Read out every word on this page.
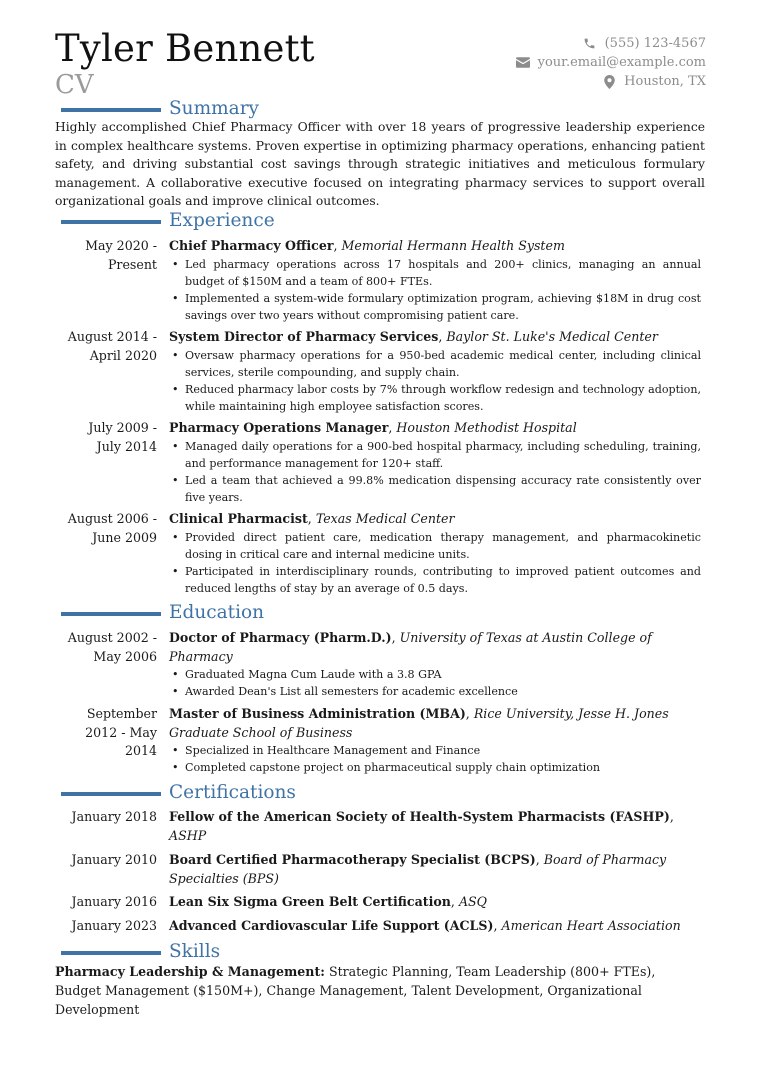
Tyler Bennett
CV
(555) 123-4567
your.email@example.com
Houston, TX
Summary
Highly accomplished Chief Pharmacy Officer with over 18 years of progressive leadership experience in complex healthcare systems. Proven expertise in optimizing pharmacy operations, enhancing patient safety, and driving substantial cost savings through strategic initiatives and meticulous formulary management. A collaborative executive focused on integrating pharmacy services to support overall organizational goals and improve clinical outcomes.
Experience
May 2020 -
Present
Chief Pharmacy Officer, Memorial Hermann Health System
• Led pharmacy operations across 17 hospitals and 200+ clinics, managing an annual budget of $150M and a team of 800+ FTEs.
• Implemented a system-wide formulary optimization program, achieving $18M in drug cost savings over two years without compromising patient care.
August 2014 -
April 2020
System Director of Pharmacy Services, Baylor St. Luke's Medical Center
• Oversaw pharmacy operations for a 950-bed academic medical center, including clinical services, sterile compounding, and supply chain.
• Reduced pharmacy labor costs by 7% through workflow redesign and technology adoption, while maintaining high employee satisfaction scores.
July 2009 -
July 2014
Pharmacy Operations Manager, Houston Methodist Hospital
• Managed daily operations for a 900-bed hospital pharmacy, including scheduling, training, and performance management for 120+ staff.
• Led a team that achieved a 99.8% medication dispensing accuracy rate consistently over five years.
August 2006 -
June 2009
Clinical Pharmacist, Texas Medical Center
• Provided direct patient care, medication therapy management, and pharmacokinetic dosing in critical care and internal medicine units.
• Participated in interdisciplinary rounds, contributing to improved patient outcomes and reduced lengths of stay by an average of 0.5 days.
Education
August 2002 -
May 2006
Doctor of Pharmacy (Pharm.D.), University of Texas at Austin College of Pharmacy
• Graduated Magna Cum Laude with a 3.8 GPA
• Awarded Dean's List all semesters for academic excellence
September
2012 - May
2014
Master of Business Administration (MBA), Rice University, Jesse H. Jones Graduate School of Business
• Specialized in Healthcare Management and Finance
• Completed capstone project on pharmaceutical supply chain optimization
Certifications
January 2018 Fellow of the American Society of Health-System Pharmacists (FASHP), ASHP
January 2010 Board Certified Pharmacotherapy Specialist (BCPS), Board of Pharmacy Specialties (BPS)
January 2016 Lean Six Sigma Green Belt Certification, ASQ
January 2023 Advanced Cardiovascular Life Support (ACLS), American Heart Association
Skills
Pharmacy Leadership & Management: Strategic Planning, Team Leadership (800+ FTEs), Budget Management ($150M+), Change Management, Talent Development, Organizational Development
